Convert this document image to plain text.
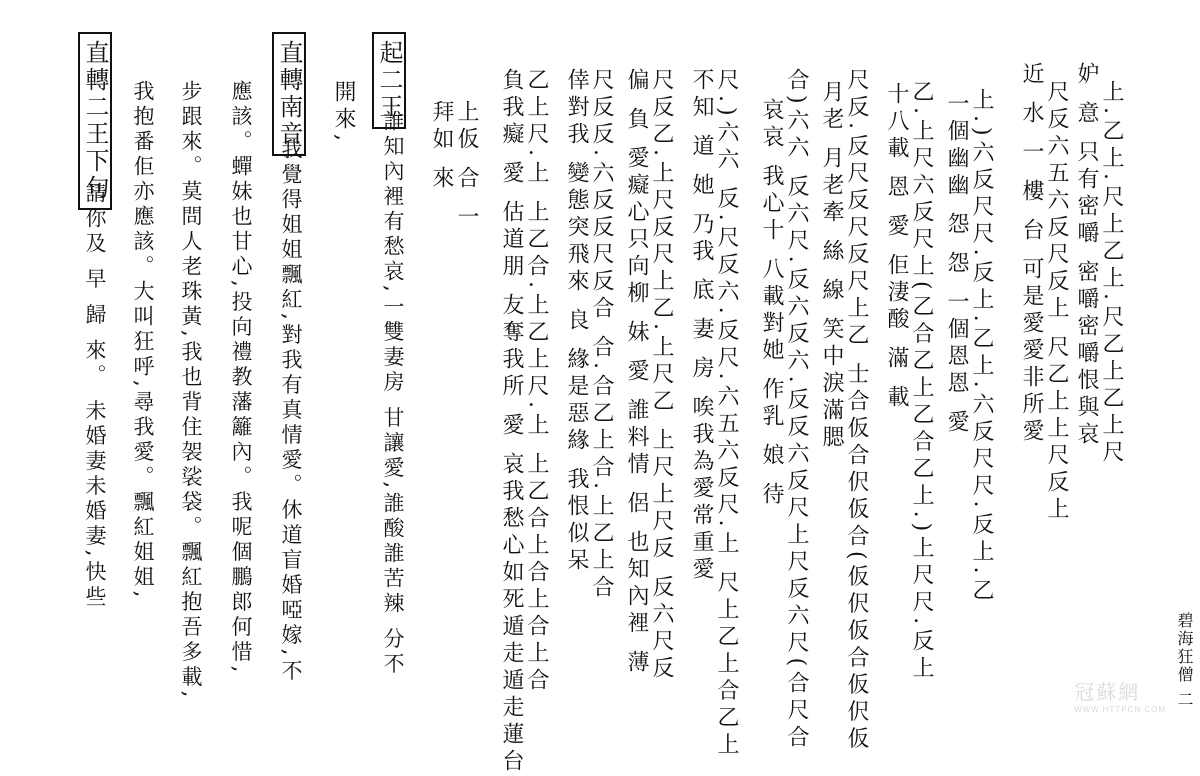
碧海狂僧 二
冠蘇網
WWW.HTTPCN.COM
上.乙上.尺上乙上.尺乙上乙上尺
妒 意 只有密嚼 密嚼密嚼恨與哀
尺反六五六反尺反上 尺乙上上尺反上
近 水 一 樓 台 可是愛愛非所愛
上.)六反尺尺.反上.乙上.六反尺尺.反上.乙
一個幽幽 怨 怨 一個恩恩 愛
乙.上尺六反尺上(乙合乙上乙合乙上.)上尺尺.反上
十八載 恩 愛 佢淒酸 滿 載
尺反.反尺反尺反尺上乙 士合仮合伬仮合(仮伬仮合仮伬仮
月老 月老牽 絲 線 笑中淚滿腮
合)六六 反六尺.反六反六.反反六反尺上尺反六尺(合尺合
哀哀 我心十 八載對她 作乳 娘 待
尺.)六六 反.尺反六.反尺.六五六反尺.上 尺上乙上合乙上
不知 道 她 乃我 底 妻 房 唉我為愛常重愛
尺反乙.上尺反尺上乙.上尺乙 上尺上尺反 反六尺反
偏 負 愛癡心只向柳 妹 愛 誰料情 侶 也知內裡 薄
尺反反.六反反尺反合 合.合乙上合.上乙上合
倖對我 變態突飛來 良 緣是惡緣 我恨似呆
乙上尺.上 上乙合.上乙上尺.上 上乙合上合上合上合
負我癡 愛 估道朋 友奪我所 愛 哀我愁心如死遁走遁走蓮台
上仮 合 一
拜如 來
起二王
誰知內裡有愁哀,一雙妻房 甘讓愛,誰酸誰苦辣 分不
開來,
直轉南音
我覺得姐姐飄紅,對我有真情愛。休道盲婚啞嫁,不
應該。蟬妹也甘心,投向禮教藩籬內。我呢個鵬郎何惜,
步跟來。莫問人老珠黃,我也背住袈裟袋。飄紅抱吾多載,
我抱番佢亦應該。大叫狂呼,尋我愛。飄紅姐姐,
直轉二王下句
請你及 早 歸 來。 未婚妻未婚妻,快些
